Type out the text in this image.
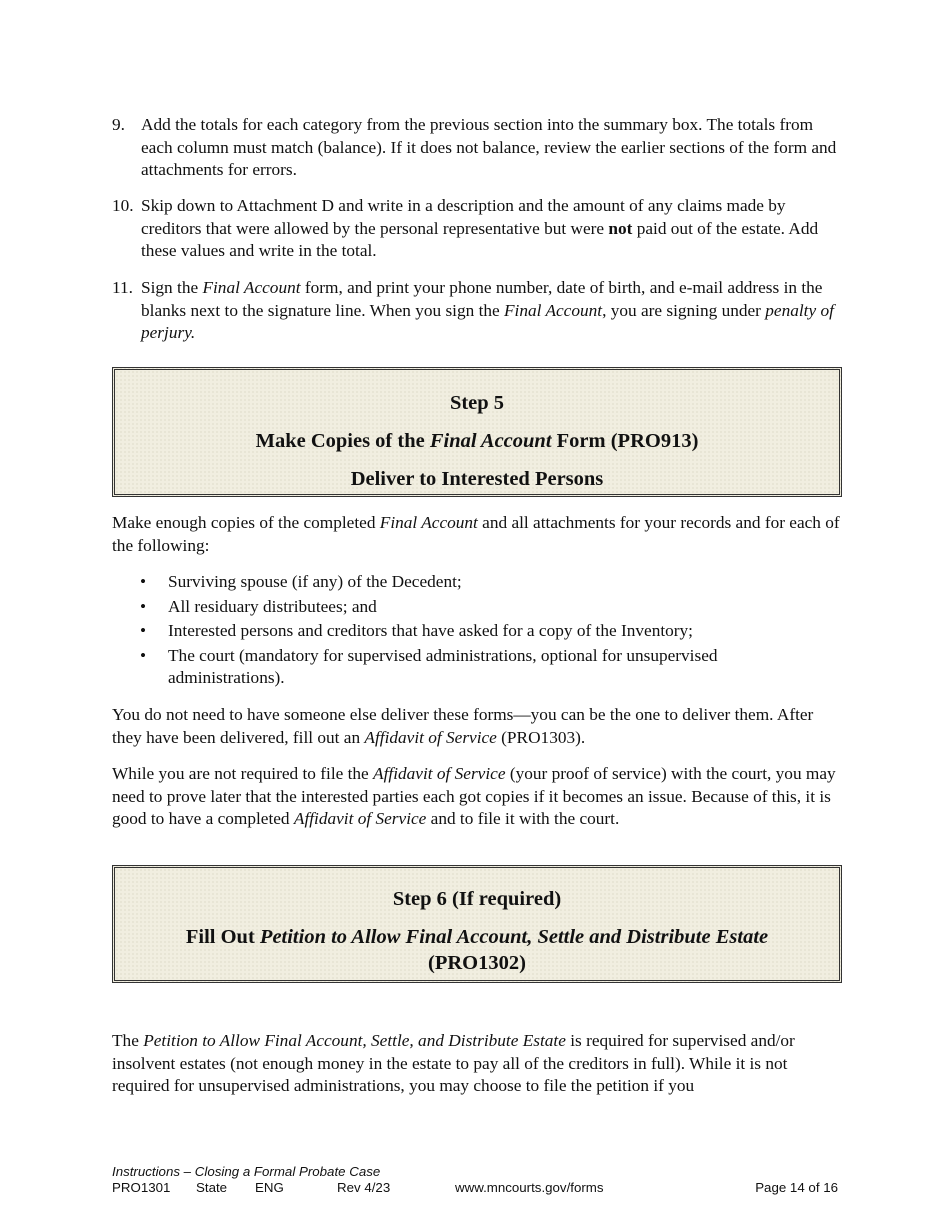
9. Add the totals for each category from the previous section into the summary box. The totals from each column must match (balance). If it does not balance, review the earlier sections of the form and attachments for errors.
10. Skip down to Attachment D and write in a description and the amount of any claims made by creditors that were allowed by the personal representative but were not paid out of the estate. Add these values and write in the total.
11. Sign the Final Account form, and print your phone number, date of birth, and e-mail address in the blanks next to the signature line. When you sign the Final Account, you are signing under penalty of perjury.
Step 5
Make Copies of the Final Account Form (PRO913)
Deliver to Interested Persons

Make enough copies of the completed Final Account and all attachments for your records and for each of the following:

• Surviving spouse (if any) of the Decedent;
• All residuary distributees; and
• Interested persons and creditors that have asked for a copy of the Inventory;
• The court (mandatory for supervised administrations, optional for unsupervised administrations).

You do not need to have someone else deliver these forms—you can be the one to deliver them. After they have been delivered, fill out an Affidavit of Service (PRO1303).

While you are not required to file the Affidavit of Service (your proof of service) with the court, you may need to prove later that the interested parties each got copies if it becomes an issue. Because of this, it is good to have a completed Affidavit of Service and to file it with the court.

Step 6 (If required)
Fill Out Petition to Allow Final Account, Settle and Distribute Estate
(PRO1302)

The Petition to Allow Final Account, Settle, and Distribute Estate is required for supervised and/or insolvent estates (not enough money in the estate to pay all of the creditors in full). While it is not required for unsupervised administrations, you may choose to file the petition if you

Instructions – Closing a Formal Probate Case
PRO1301 State ENG	Rev 4/23	www.mncourts.gov/forms	Page 14 of 16
